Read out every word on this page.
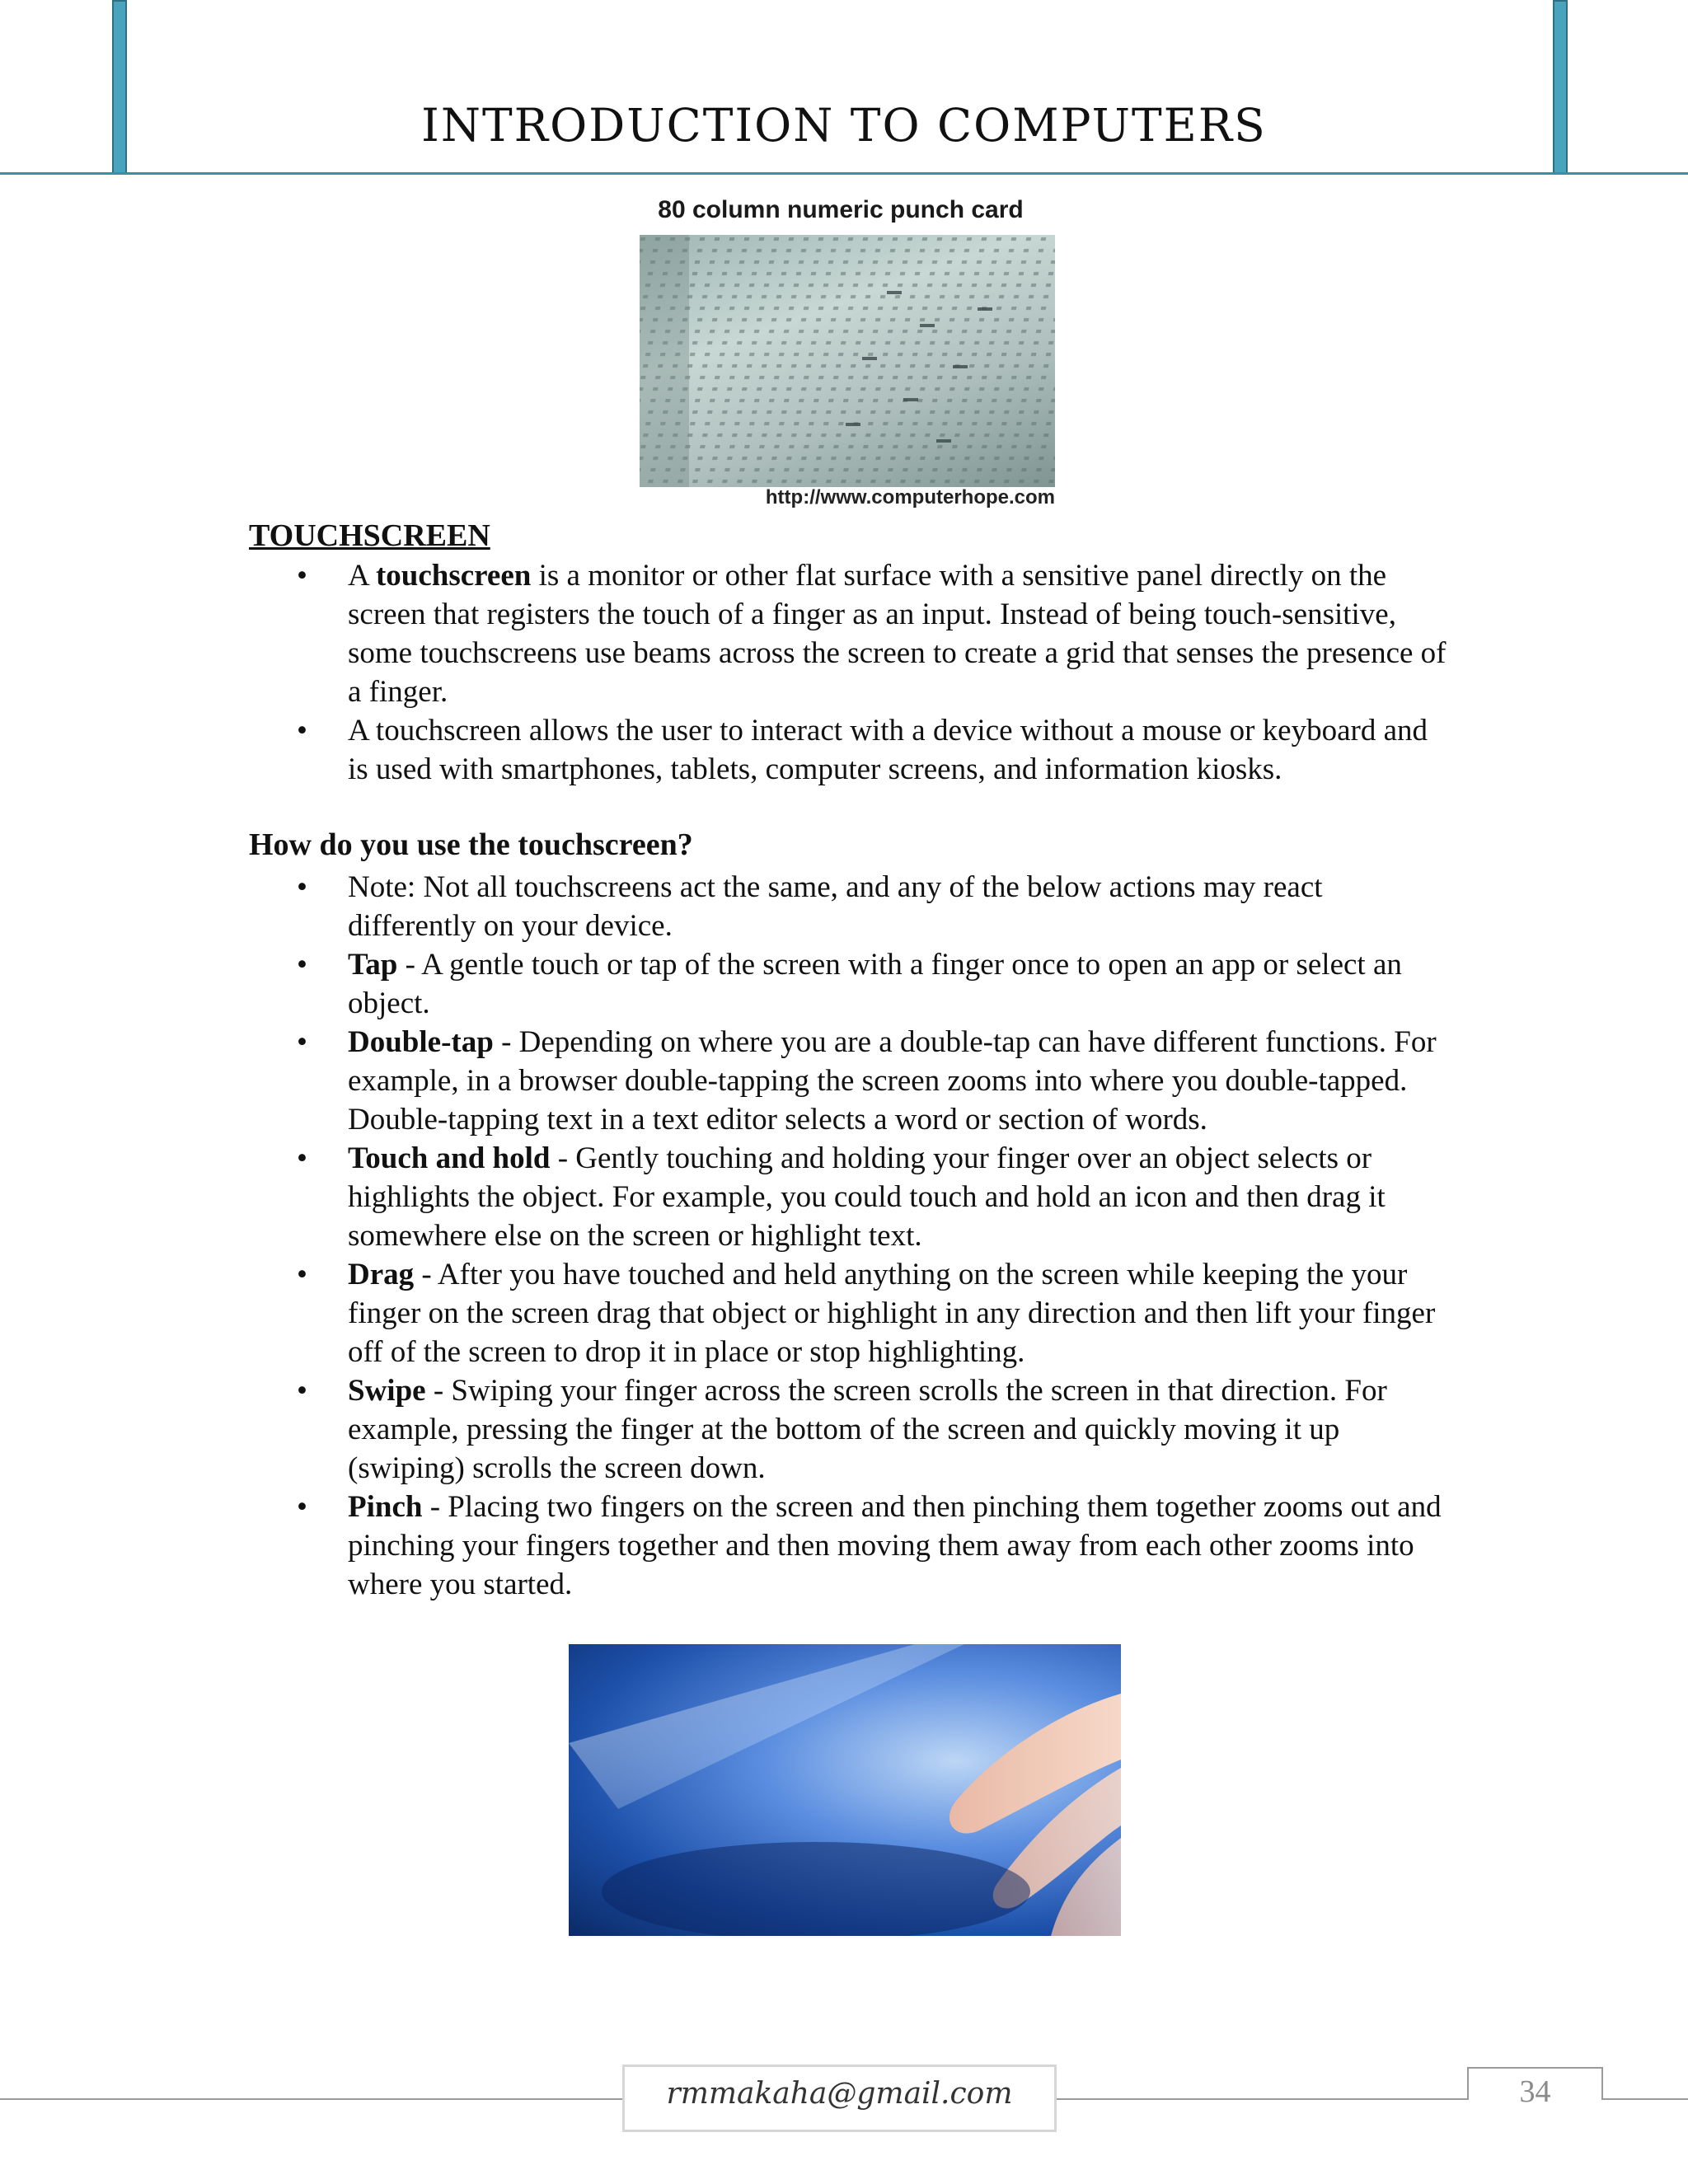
INTRODUCTION TO COMPUTERS
80 column numeric punch card
http://www.computerhope.com
TOUCHSCREEN
• A touchscreen is a monitor or other flat surface with a sensitive panel directly on the screen that registers the touch of a finger as an input. Instead of being touch-sensitive, some touchscreens use beams across the screen to create a grid that senses the presence of a finger.
• A touchscreen allows the user to interact with a device without a mouse or keyboard and is used with smartphones, tablets, computer screens, and information kiosks.
How do you use the touchscreen?
• Note: Not all touchscreens act the same, and any of the below actions may react differently on your device.
• Tap - A gentle touch or tap of the screen with a finger once to open an app or select an object.
• Double-tap - Depending on where you are a double-tap can have different functions. For example, in a browser double-tapping the screen zooms into where you double-tapped. Double-tapping text in a text editor selects a word or section of words.
• Touch and hold - Gently touching and holding your finger over an object selects or highlights the object. For example, you could touch and hold an icon and then drag it somewhere else on the screen or highlight text.
• Drag - After you have touched and held anything on the screen while keeping the your finger on the screen drag that object or highlight in any direction and then lift your finger off of the screen to drop it in place or stop highlighting.
• Swipe - Swiping your finger across the screen scrolls the screen in that direction. For example, pressing the finger at the bottom of the screen and quickly moving it up (swiping) scrolls the screen down.
• Pinch - Placing two fingers on the screen and then pinching them together zooms out and pinching your fingers together and then moving them away from each other zooms into where you started.
rmmakaha@gmail.com	34
